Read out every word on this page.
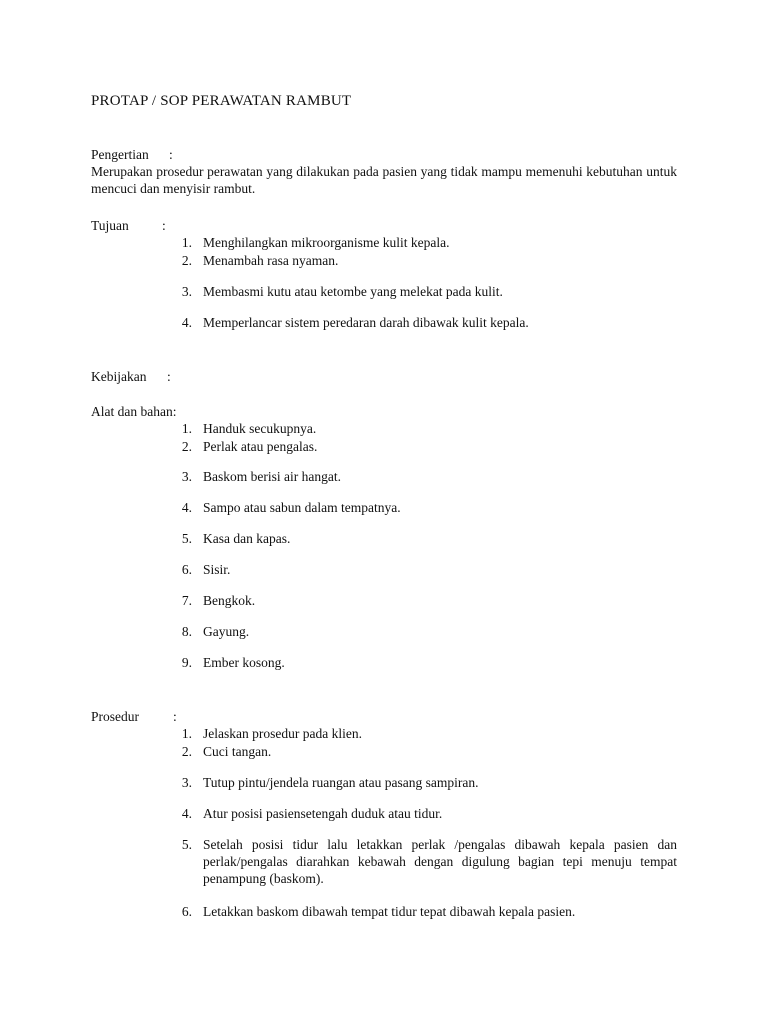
PROTAP / SOP PERAWATAN RAMBUT
Pengertian :
Merupakan prosedur perawatan yang dilakukan pada pasien yang tidak mampu memenuhi kebutuhan untuk mencuci dan menyisir rambut.
Tujuan :
1. Menghilangkan mikroorganisme kulit kepala.
2. Menambah rasa nyaman.
3. Membasmi kutu atau ketombe yang melekat pada kulit.
4. Memperlancar sistem peredaran darah dibawak kulit kepala.
Kebijakan :
Alat dan bahan:
1. Handuk secukupnya.
2. Perlak atau pengalas.
3. Baskom berisi air hangat.
4. Sampo atau sabun dalam tempatnya.
5. Kasa dan kapas.
6. Sisir.
7. Bengkok.
8. Gayung.
9. Ember kosong.
Prosedur	:
1. Jelaskan prosedur pada klien.
2. Cuci tangan.
3. Tutup pintu/jendela ruangan atau pasang sampiran.
4. Atur posisi pasiensetengah duduk atau tidur.
5. Setelah posisi tidur lalu letakkan perlak /pengalas dibawah kepala pasien dan perlak/pengalas diarahkan kebawah dengan digulung bagian tepi menuju tempat penampung (baskom).
6. Letakkan baskom dibawah tempat tidur tepat dibawah kepala pasien.
